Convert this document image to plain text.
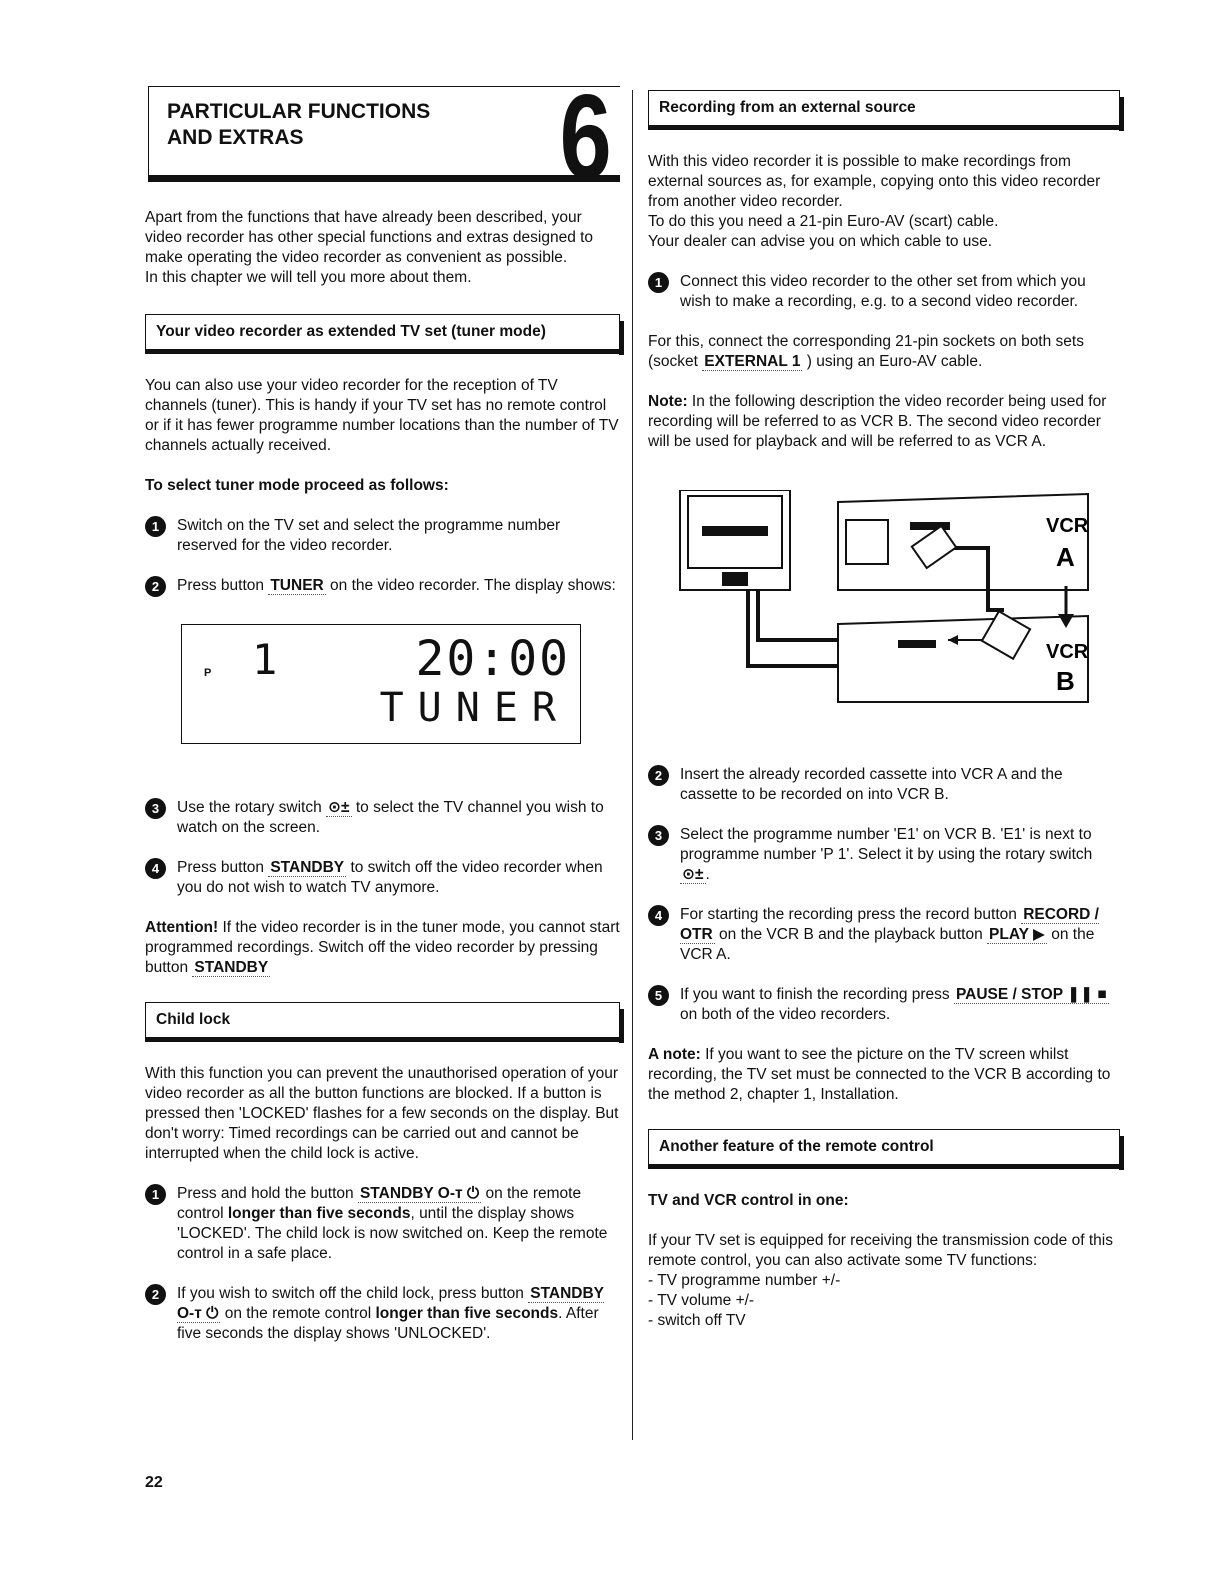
PARTICULAR FUNCTIONS
AND EXTRAS	6

Apart from the functions that have already been described, your video recorder has other special functions and extras designed to make operating the video recorder as convenient as possible.

In this chapter we will tell you more about them.

Your video recorder as extended TV set (tuner mode)

You can also use your video recorder for the reception of TV channels (tuner). This is handy if your TV set has no remote control or if it has fewer programme number locations than the number of TV channels actually received.

To select tuner mode proceed as follows:

1	Switch on the TV set and select the programme number reserved for the video recorder.

2	Press button TUNER on the video recorder. The display shows:

P 1	20:00
TUNER
3	Use the rotary switch ⊙± to select the TV channel you wish to watch on the screen.

4	Press button STANDBY to switch off the video recorder when you do not wish to watch TV anymore.

Attention! If the video recorder is in the tuner mode, you cannot start programmed recordings. Switch off the video recorder by pressing button STANDBY

Child lock

With this function you can prevent the unauthorised operation of your video recorder as all the button functions are blocked. If a button is pressed then 'LOCKED' flashes for a few seconds on the display. But don't worry: Timed recordings can be carried out and cannot be interrupted when the child lock is active.

1	Press and hold the button STANDBY O-ᴛ ⏻ on the remote control longer than five seconds, until the display shows 'LOCKED'. The child lock is now switched on. Keep the remote control in a safe place.

2	If you wish to switch off the child lock, press button STANDBY O-ᴛ ⏻ on the remote control longer than five seconds. After five seconds the display shows 'UNLOCKED'.

Recording from an external source

With this video recorder it is possible to make recordings from external sources as, for example, copying onto this video recorder from another video recorder.

To do this you need a 21-pin Euro-AV (scart) cable.

Your dealer can advise you on which cable to use.

1	Connect this video recorder to the other set from which you wish to make a recording, e.g. to a second video recorder.

For this, connect the corresponding 21-pin sockets on both sets (socket EXTERNAL 1 ) using an Euro-AV cable.

Note: In the following description the video recorder being used for recording will be referred to as VCR B. The second video recorder will be used for playback and will be referred to as VCR A.

VCR
A
VCR
B
2	Insert the already recorded cassette into VCR A and the cassette to be recorded on into VCR B.

3	Select the programme number 'E1' on VCR B. 'E1' is next to programme number 'P 1'. Select it by using the rotary switch ⊙± .

4	For starting the recording press the record button RECORD / OTR on the VCR B and the playback button PLAY ▶ on the VCR A.

5	If you want to finish the recording press PAUSE / STOP ❚❚ ■ on both of the video recorders.

A note: If you want to see the picture on the TV screen whilst recording, the TV set must be connected to the VCR B according to the method 2, chapter 1, Installation.

Another feature of the remote control

TV and VCR control in one:

If your TV set is equipped for receiving the transmission code of this remote control, you can also activate some TV functions:

- TV programme number +/-
- TV volume +/-
- switch off TV
22
